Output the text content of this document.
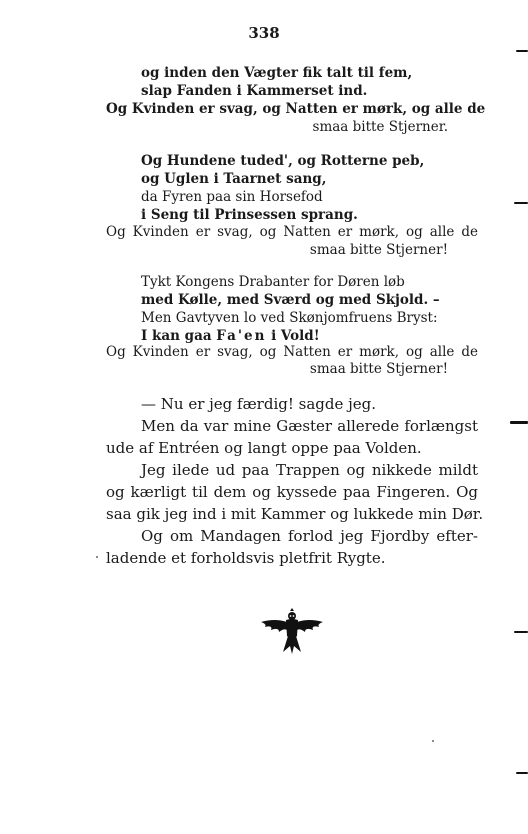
338
og inden den Vægter fik talt til fem,
slap Fanden i Kammerset ind.
Og Kvinden er svag, og Natten er mørk, og alle de
smaa bitte Stjerner.
Og Hundene tuded', og Rotterne peb,
og Uglen i Taarnet sang,
da Fyren paa sin Horsefod
i Seng til Prinsessen sprang.
Og Kvinden er svag, og Natten er mørk, og alle de
smaa bitte Stjerner!
Tykt Kongens Drabanter for Døren løb
med Kølle, med Sværd og med Skjold. –
Men Gavtyven lo ved Skønjomfruens Bryst:
I kan gaa Fa'en i Vold!
Og Kvinden er svag, og Natten er mørk, og alle de
smaa bitte Stjerner!
— Nu er jeg færdig! sagde jeg.
Men da var mine Gæster allerede forlængst
ude af Entréen og langt oppe paa Volden.
Jeg ilede ud paa Trappen og nikkede mildt
og kærligt til dem og kyssede paa Fingeren. Og
saa gik jeg ind i mit Kammer og lukkede min Dør.
Og om Mandagen forlod jeg Fjordby efter-
ladende et forholdsvis pletfrit Rygte.
